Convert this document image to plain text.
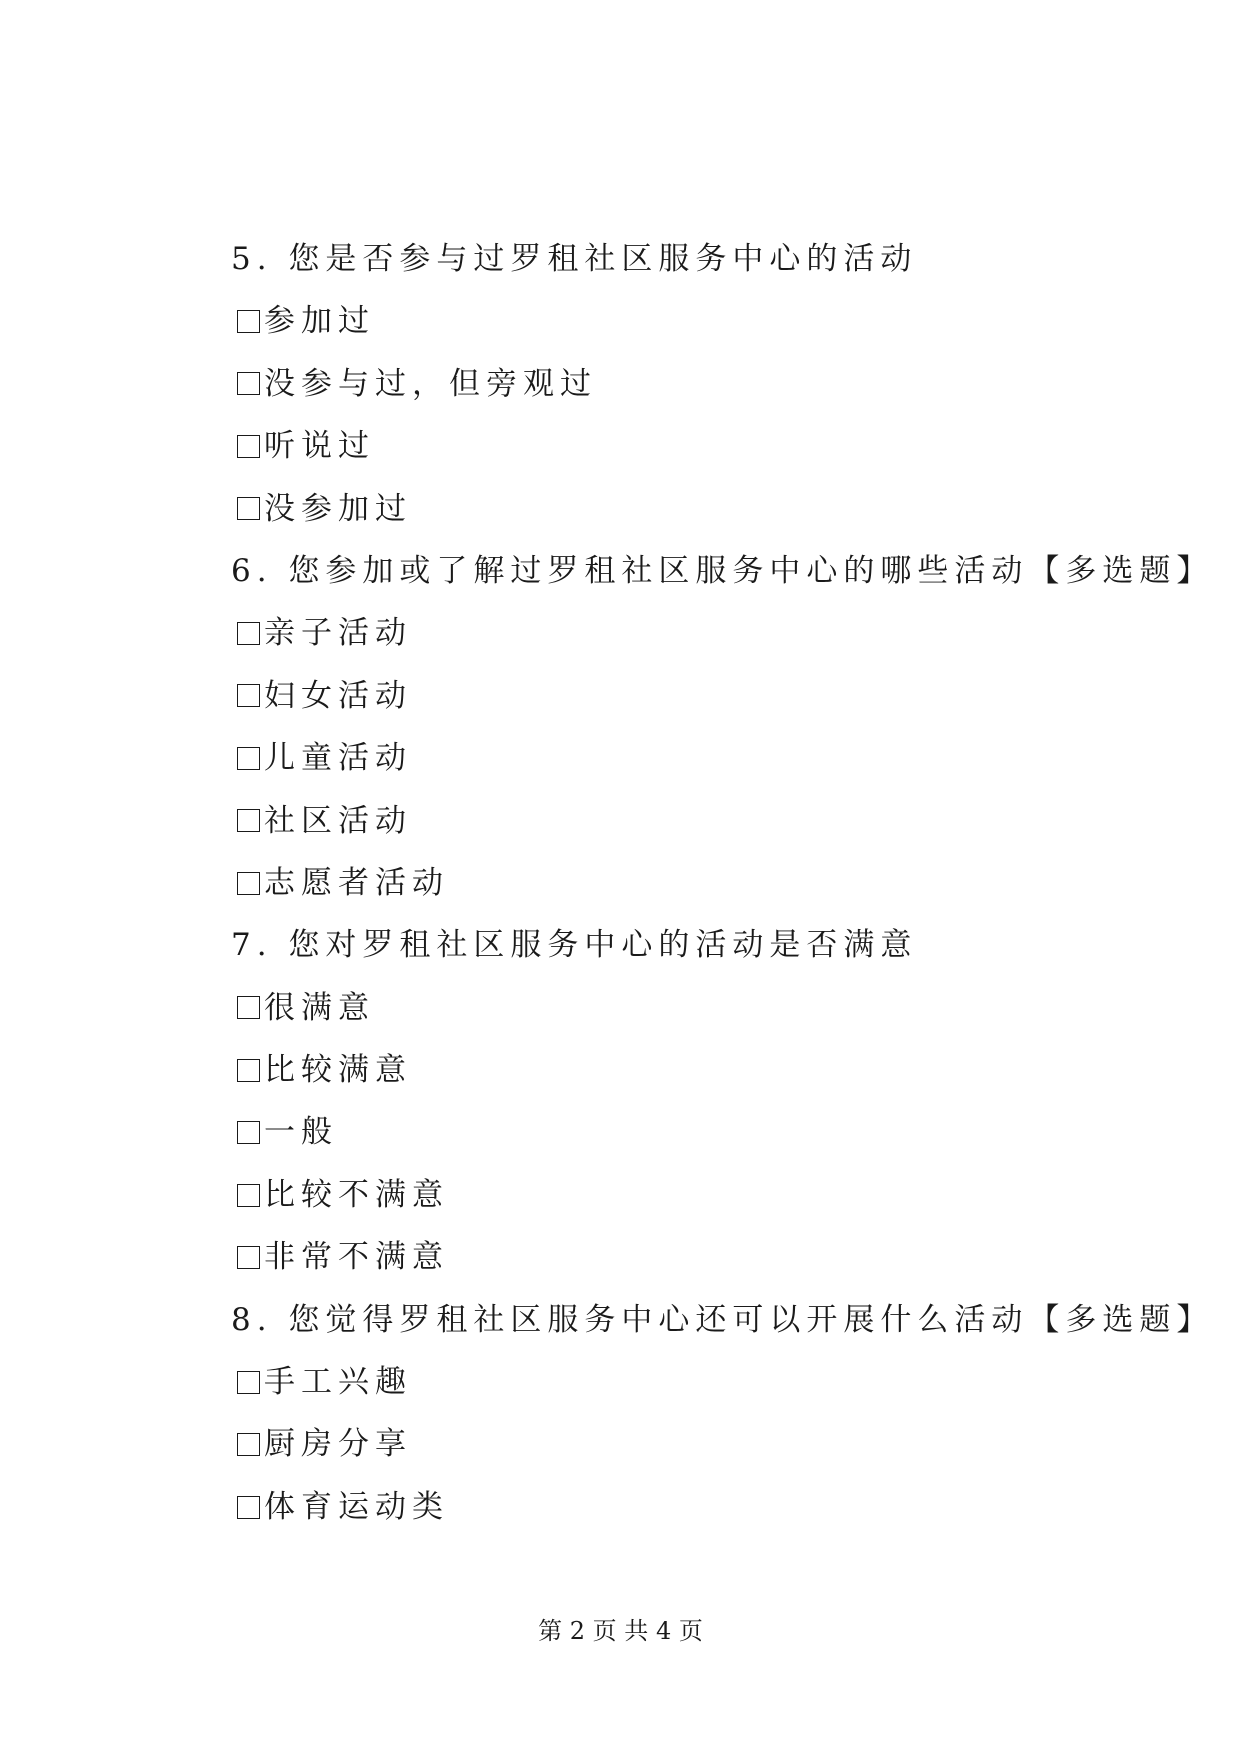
5. 您是否参与过罗租社区服务中心的活动
参加过
没参与过，但旁观过
听说过
没参加过
6. 您参加或了解过罗租社区服务中心的哪些活动【多选题】
亲子活动
妇女活动
儿童活动
社区活动
志愿者活动
7. 您对罗租社区服务中心的活动是否满意
很满意
比较满意
一般
比较不满意
非常不满意
8. 您觉得罗租社区服务中心还可以开展什么活动【多选题】
手工兴趣
厨房分享
体育运动类
第 2 页 共 4 页
